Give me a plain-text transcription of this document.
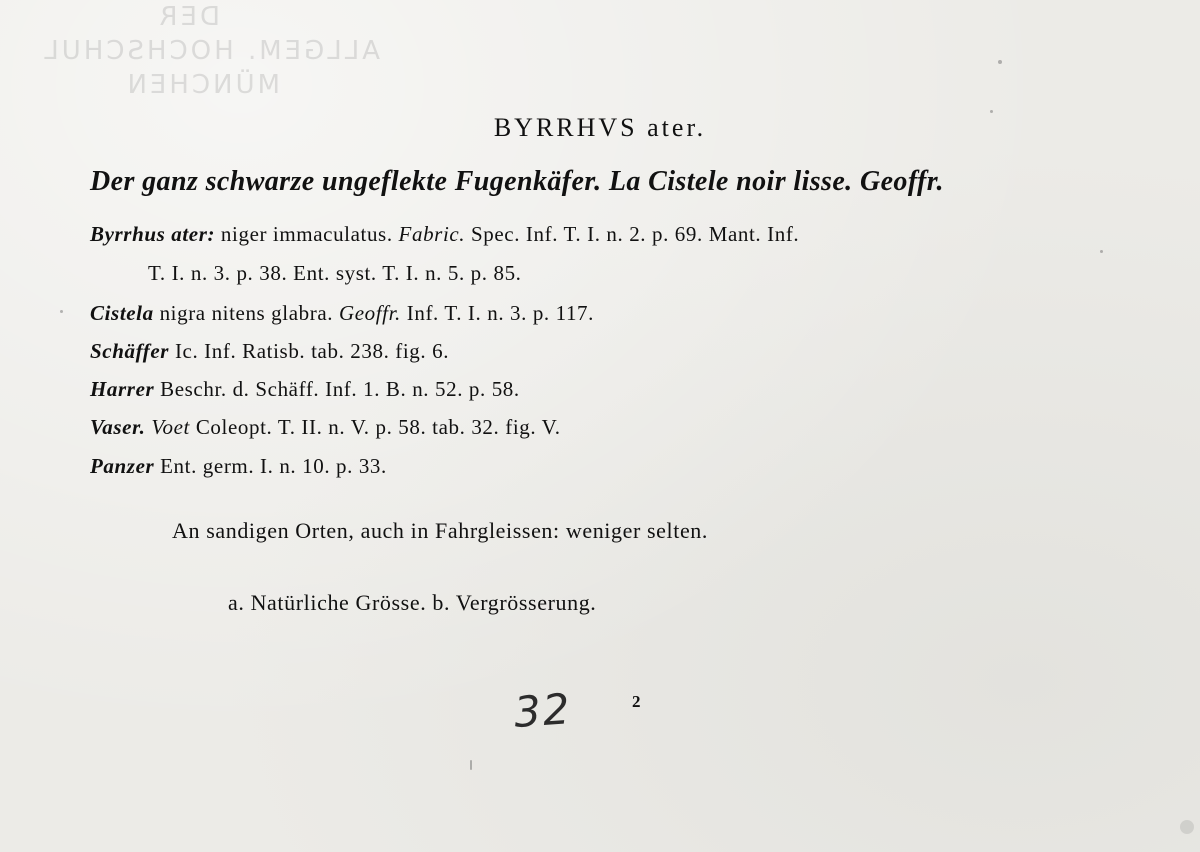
DER
ALLGEM. HOCHSCHUL
MÜNCHEN
BYRRHVS ater.
Der ganz schwarze ungeflekte Fugenkäfer. La Cistele noir lisse. Geoffr.
Byrrhus ater: niger immaculatus. Fabric. Spec. Inf. T. I. n. 2. p. 69. Mant. Inf.
T. I. n. 3. p. 38. Ent. syst. T. I. n. 5. p. 85.
Cistela nigra nitens glabra. Geoffr. Inf. T. I. n. 3. p. 117.
Schäffer Ic. Inf. Ratisb. tab. 238. fig. 6.
Harrer Beschr. d. Schäff. Inf. 1. B. n. 52. p. 58.
Vaser. Voet Coleopt. T. II. n. V. p. 58. tab. 32. fig. V.
Panzer Ent. germ. I. n. 10. p. 33.
An sandigen Orten, auch in Fahrgleissen: weniger selten.
a. Natürliche Grösse. b. Vergrösserung.
32	2
